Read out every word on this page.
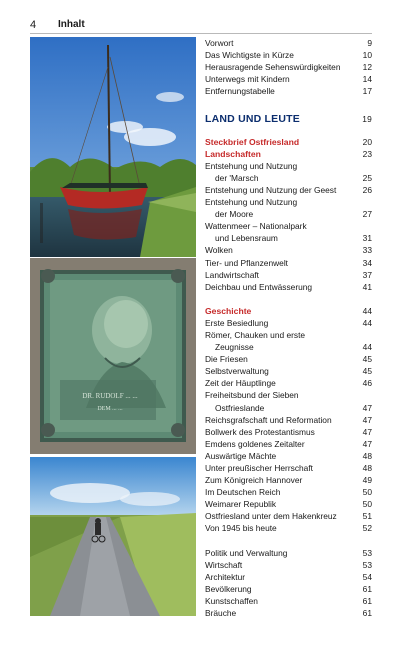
4 Inhalt
DR. RUDOLF ... ...
DEM ... ...
Vorwort	9
Das Wichtigste in Kürze	10
Herausragende Sehenswürdigkeiten	12
Unterwegs mit Kindern	14
Entfernungstabelle	17
LAND UND LEUTE	19
Steckbrief Ostfriesland	20
Landschaften	23
Entstehung und Nutzung
der 'Marsch	25
Entstehung und Nutzung der Geest	26
Entstehung und Nutzung
der Moore	27
Wattenmeer – Nationalpark
und Lebensraum	31
Wolken	33
Tier- und Pflanzenwelt	34
Landwirtschaft	37
Deichbau und Entwässerung	41
Geschichte	44
Erste Besiedlung	44
Römer, Chauken und erste
Zeugnisse	44
Die Friesen	45
Selbstverwaltung	45
Zeit der Häuptlinge	46
Freiheitsbund der Sieben
Ostfrieslande	47
Reichsgrafschaft und Reformation	47
Bollwerk des Protestantismus	47
Emdens goldenes Zeitalter	47
Auswärtige Mächte	48
Unter preußischer Herrschaft	48
Zum Königreich Hannover	49
Im Deutschen Reich	50
Weimarer Republik	50
Ostfriesland unter dem Hakenkreuz	51
Von 1945 bis heute	52
Politik und Verwaltung	53
Wirtschaft	53
Architektur	54
Bevölkerung	61
Kunstschaffen	61
Bräuche	61
